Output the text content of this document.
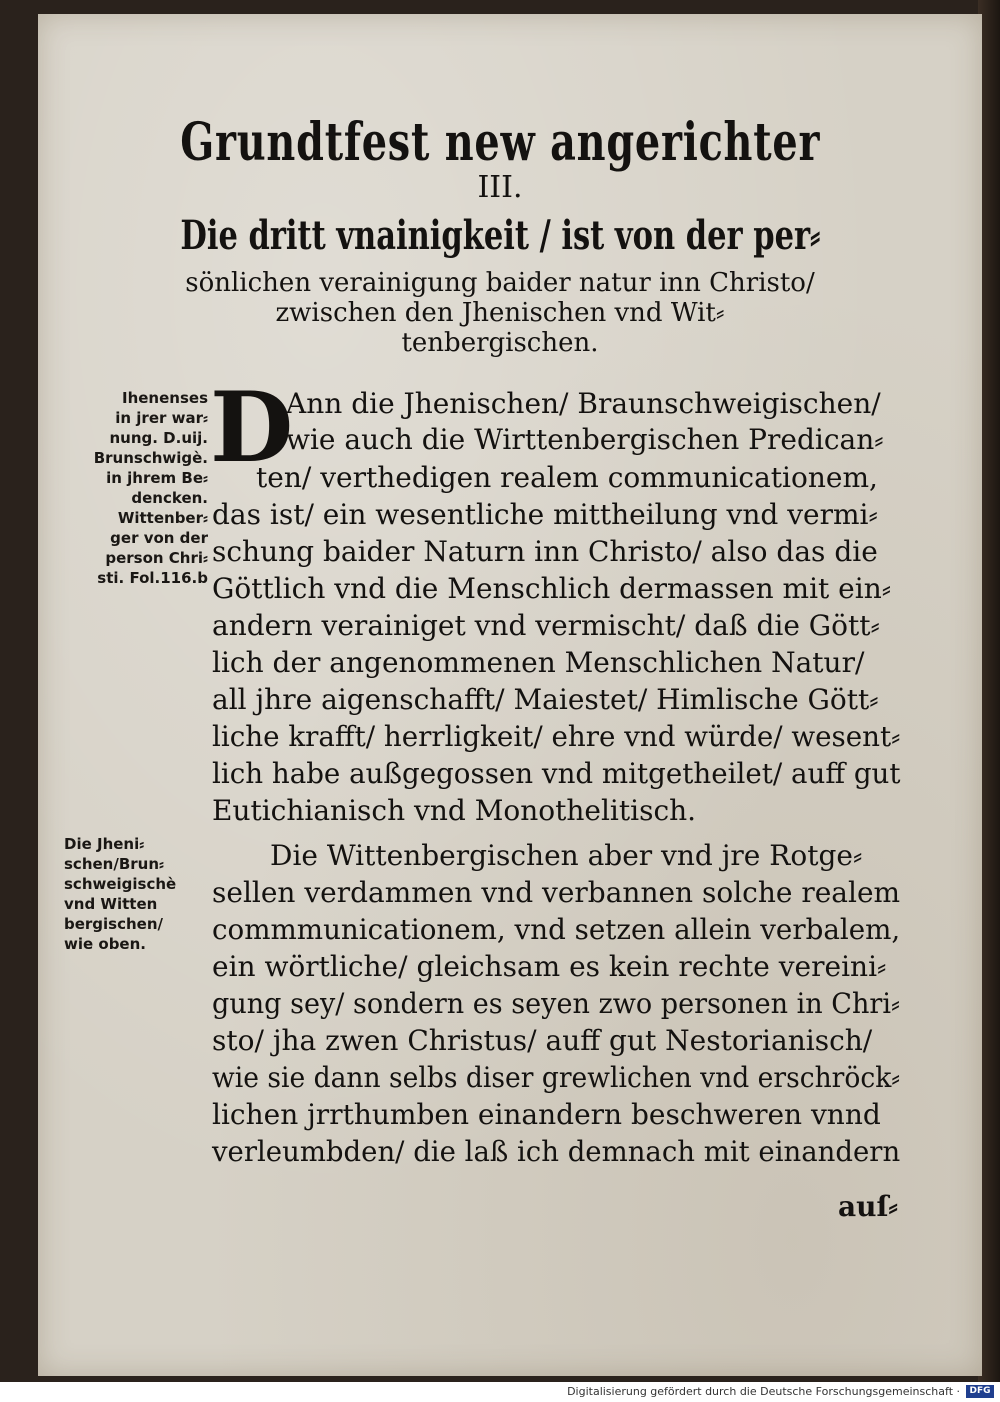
Grundtfest new angerichter
III.
Die dritt vnainigkeit / ist von der per⸗
sönlichen verainigung baider natur inn Christo/
zwischen den Jhenischen vnd Wit⸗
tenbergischen.
Ihenenses
in jrer war⸗
nung. D.uij.
Brunschwigè.
in jhrem Be⸗
dencken.
Wittenber⸗
ger von der
person Chri⸗
sti. Fol.116.b
Die Jheni⸗
schen/Brun⸗
schweigischè
vnd Witten
bergischen/
wie oben.
D
Ann die Jhenischen/ Braunschweigischen/
wie auch die Wirttenbergischen Predican⸗
ten/ verthedigen realem communicationem,
das ist/ ein wesentliche mittheilung vnd vermi⸗
schung baider Naturn inn Christo/ also das die
Göttlich vnd die Menschlich dermassen mit ein⸗
andern verainiget vnd vermischt/ daß die Gött⸗
lich der angenommenen Menschlichen Natur/
all jhre aigenschafft/ Maiestet/ Himlische Gött⸗
liche krafft/ herrligkeit/ ehre vnd würde/ wesent⸗
lich habe außgegossen vnd mitgetheilet/ auff gut
Eutichianisch vnd Monothelitisch.
Die Wittenbergischen aber vnd jre Rotge⸗
sellen verdammen vnd verbannen solche realem
commmunicationem, vnd setzen allein verbalem,
ein wörtliche/ gleichsam es kein rechte vereini⸗
gung sey/ sondern es seyen zwo personen in Chri⸗
sto/ jha zwen Christus/ auff gut Nestorianisch/
wie sie dann selbs diser grewlichen vnd erschröck⸗
lichen jrrthumben einandern beschweren vnnd
verleumbden/ die laß ich demnach mit einandern
auſ⸗
Digitalisierung gefördert durch die Deutsche Forschungsgemeinschaft ·	DFG
